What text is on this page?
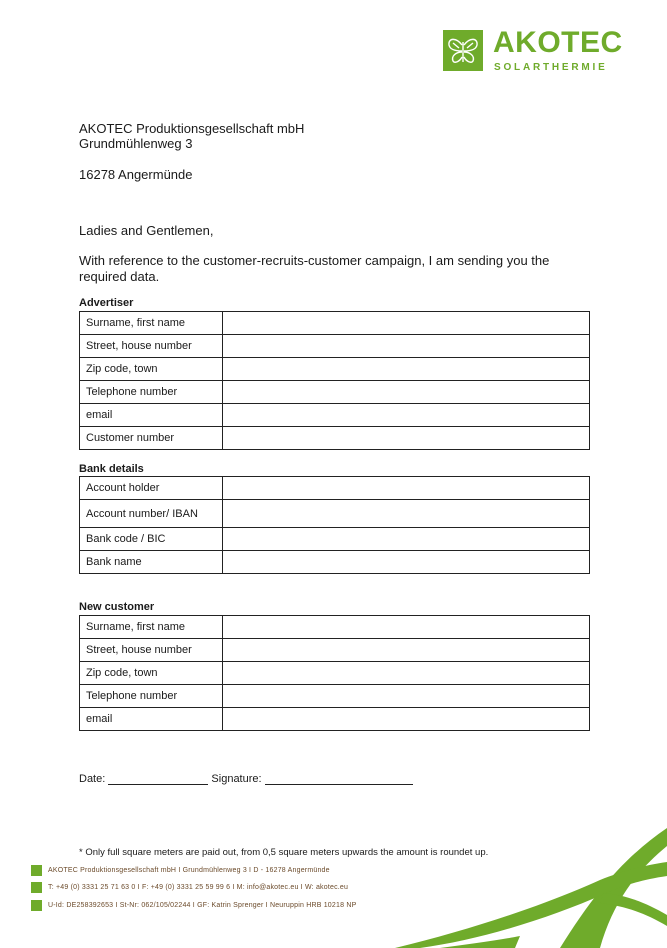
AKOTEC
SOLARTHERMIE
AKOTEC Produktionsgesellschaft mbH
Grundmühlenweg 3
16278 Angermünde
Ladies and Gentlemen,
With reference to the customer-recruits-customer campaign, I am sending you the required data.
Advertiser
Surname, first name	
Street, house number	
Zip code, town	
Telephone number	
email	
Customer number	
Bank details
Account holder	
Account number/ IBAN	
Bank code / BIC	
Bank name	
New customer
Surname, first name	
Street, house number	
Zip code, town	
Telephone number	
email	
Date:	Signature:
* Only full square meters are paid out, from 0,5 square meters upwards the amount is roundet up.
AKOTEC Produktionsgesellschaft mbH I Grundmühlenweg 3 I D - 16278 Angermünde
T: +49 (0) 3331 25 71 63 0 I F: +49 (0) 3331 25 59 99 6 I M: info@akotec.eu I W: akotec.eu
U-Id: DE258392653 I St-Nr: 062/105/02244 I GF: Katrin Sprenger I Neuruppin HRB 10218 NP
